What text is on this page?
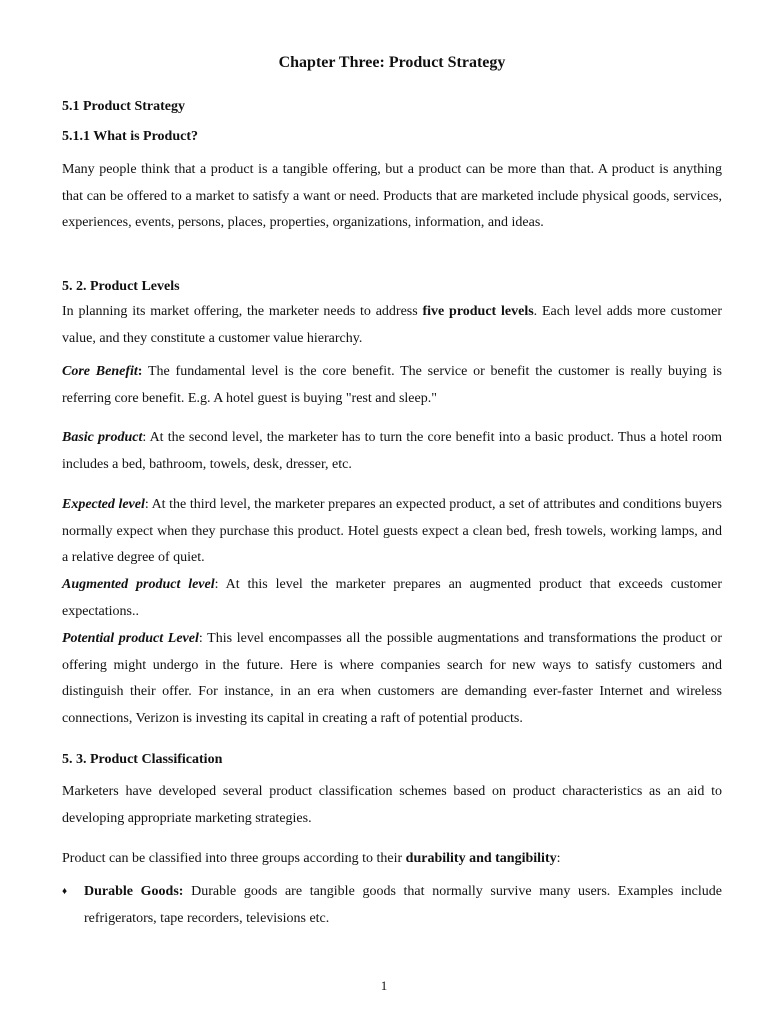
Chapter Three: Product Strategy
5.1 Product Strategy
5.1.1 What is Product?

Many people think that a product is a tangible offering, but a product can be more than that. A product is anything that can be offered to a market to satisfy a want or need. Products that are marketed include physical goods, services, experiences, events, persons, places, properties, organizations, information, and ideas.

5. 2. Product Levels

In planning its market offering, the marketer needs to address five product levels. Each level adds more customer value, and they constitute a customer value hierarchy.

Core Benefit: The fundamental level is the core benefit. The service or benefit the customer is really buying is referring core benefit. E.g. A hotel guest is buying "rest and sleep."

Basic product: At the second level, the marketer has to turn the core benefit into a basic product. Thus a hotel room includes a bed, bathroom, towels, desk, dresser, etc.

Expected level: At the third level, the marketer prepares an expected product, a set of attributes and conditions buyers normally expect when they purchase this product. Hotel guests expect a clean bed, fresh towels, working lamps, and a relative degree of quiet.

Augmented product level: At this level the marketer prepares an augmented product that exceeds customer expectations..

Potential product Level: This level encompasses all the possible augmentations and transformations the product or offering might undergo in the future. Here is where companies search for new ways to satisfy customers and distinguish their offer. For instance, in an era when customers are demanding ever-faster Internet and wireless connections, Verizon is investing its capital in creating a raft of potential products.

5. 3. Product Classification

Marketers have developed several product classification schemes based on product characteristics as an aid to developing appropriate marketing strategies.

Product can be classified into three groups according to their durability and tangibility:

♦ Durable Goods: Durable goods are tangible goods that normally survive many users. Examples include refrigerators, tape recorders, televisions etc.

1
